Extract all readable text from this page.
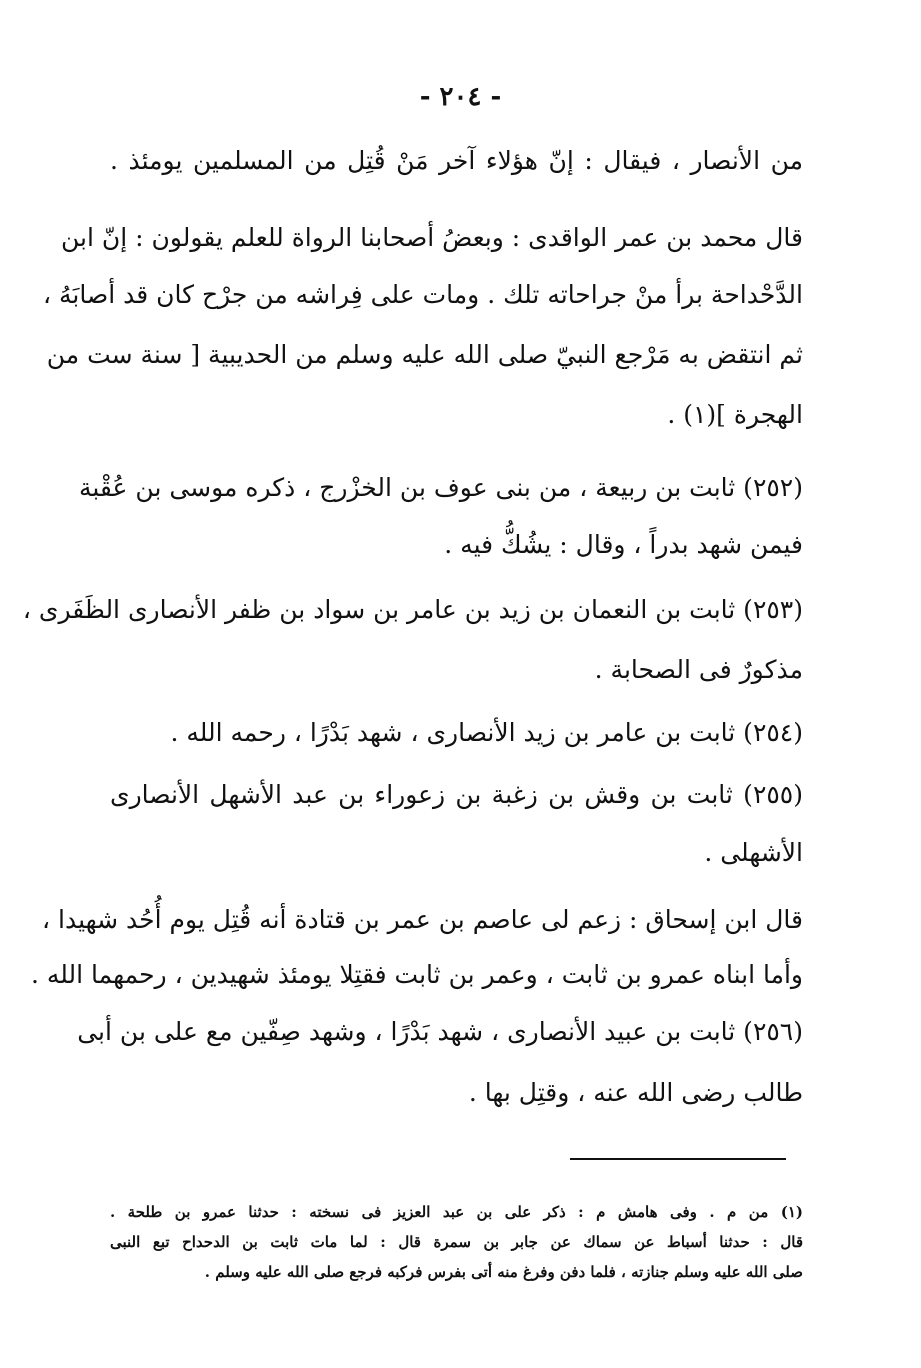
- ٢٠٤ -
من الأنصار ، فيقال : إنّ هؤلاء آخر مَنْ قُتِل من المسلمين يومئذ .
قال محمد بن عمر الواقدى : وبعضُ أصحابنا الرواة للعلم يقولون : إنّ ابن
الدَّحْداحة برأ منْ جراحاته تلك . ومات على فِراشه من جرْح كان قد أصابَهُ ،
ثم انتقض به مَرْجع النبيّ صلى الله عليه وسلم من الحديبية [ سنة ست من
الهجرة ](١) .
(٢٥٢) ثابت بن ربيعة ، من بنى عوف بن الخزْرج ، ذكره موسى بن عُقْبة
فيمن شهد بدراً ، وقال : يشُكُّ فيه .
(٢٥٣) ثابت بن النعمان بن زيد بن عامر بن سواد بن ظفر الأنصارى الظَفَرى ،
مذكورٌ فى الصحابة .
(٢٥٤) ثابت بن عامر بن زيد الأنصارى ، شهد بَدْرًا ، رحمه الله .
(٢٥٥) ثابت بن وقش بن زغبة بن زعوراء بن عبد الأشهل الأنصارى
الأشهلى .
قال ابن إسحاق : زعم لى عاصم بن عمر بن قتادة أنه قُتِل يوم أُحُد شهيدا ،
وأما ابناه عمرو بن ثابت ، وعمر بن ثابت فقتِلا يومئذ شهيدين ، رحمهما الله .
(٢٥٦) ثابت بن عبيد الأنصارى ، شهد بَدْرًا ، وشهد صِفّين مع على بن أبى
طالب رضى الله عنه ، وقتِل بها .
(١) من م . وفى هامش م : ذكر على بن عبد العزيز فى نسخته : حدثنا عمرو بن طلحة .
قال : حدثنا أسباط عن سماك عن جابر بن سمرة قال : لما مات ثابت بن الدحداح تبع النبى
صلى الله عليه وسلم جنازته ، فلما دفن وفرغ منه أتى بفرس فركبه فرجع صلى الله عليه وسلم .
